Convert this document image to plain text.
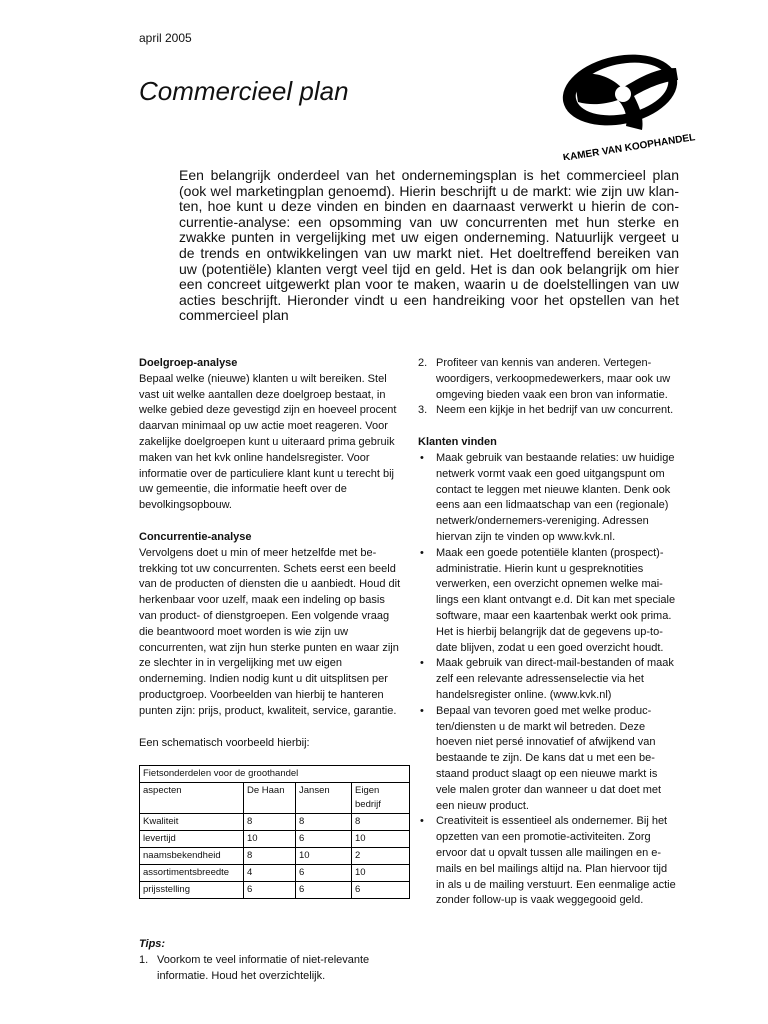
april 2005
Commercieel plan
KAMER VAN KOOPHANDEL

Een belangrijk onderdeel van het ondernemingsplan is het commercieel plan (ook wel marketingplan genoemd). Hierin beschrijft u de markt: wie zijn uw klanten, hoe kunt u deze vinden en binden en daarnaast verwerkt u hierin de concurrentie-analyse: een opsomming van uw concurrenten met hun sterke en zwakke punten in vergelijking met uw eigen onderneming. Natuurlijk vergeet u de trends en ontwikkelingen van uw markt niet. Het doeltreffend bereiken van uw (potentiële) klanten vergt veel tijd en geld. Het is dan ook belangrijk om hier een concreet uitgewerkt plan voor te maken, waarin u de doelstellingen van uw acties beschrijft. Hieronder vindt u een handreiking voor het opstellen van het commercieel plan

Doelgroep-analyse

Bepaal welke (nieuwe) klanten u wilt bereiken. Stel vast uit welke aantallen deze doelgroep bestaat, in welke gebied deze gevestigd zijn en hoeveel procent daarvan minimaal op uw actie moet reageren. Voor zakelijke doelgroepen kunt u uiteraard prima gebruik maken van het kvk online handelsregister. Voor informatie over de particuliere klant kunt u terecht bij uw gemeentie, die informatie heeft over de bevolkingsopbouw.

Concurrentie-analyse

Vervolgens doet u min of meer hetzelfde met betrekking tot uw concurrenten. Schets eerst een beeld van de producten of diensten die u aanbiedt. Houd dit herkenbaar voor uzelf, maak een indeling op basis van product- of dienstgroepen. Een volgende vraag die beantwoord moet worden is wie zijn uw concurrenten, wat zijn hun sterke punten en waar zijn ze slechter in in vergelijking met uw eigen onderneming. Indien nodig kunt u dit uitsplitsen per productgroep. Voorbeelden van hierbij te hanteren punten zijn: prijs, product, kwaliteit, service, garantie.

Een schematisch voorbeeld hierbij:

Fietsonderdelen voor de groothandel			
aspecten	De Haan	Jansen	Eigen bedrijf
Kwaliteit	8	8	8
levertijd	10	6	10
naamsbekendheid	8	10	2
assortimentsbreedte	4	6	10
prijsstelling	6	6	6

Tips:

1. Voorkom te veel informatie of niet-relevante informatie. Houd het overzichtelijk.
2. Profiteer van kennis van anderen. Vertegenwoordigers, verkoopmedewerkers, maar ook uw omgeving bieden vaak een bron van informatie.
3. Neem een kijkje in het bedrijf van uw concurrent.

Klanten vinden

• Maak gebruik van bestaande relaties: uw huidige netwerk vormt vaak een goed uitgangspunt om contact te leggen met nieuwe klanten. Denk ook eens aan een lidmaatschap van een (regionale) netwerk/ondernemers-vereniging. Adressen hiervan zijn te vinden op www.kvk.nl.
• Maak een goede potentiële klanten (prospect)-administratie. Hierin kunt u gespreknotities verwerken, een overzicht opnemen welke mailings een klant ontvangt e.d. Dit kan met speciale software, maar een kaartenbak werkt ook prima. Het is hierbij belangrijk dat de gegevens up-to-date blijven, zodat u een goed overzicht houdt.
• Maak gebruik van direct-mail-bestanden of maak zelf een relevante adressenselectie via het handelsregister online. (www.kvk.nl)
• Bepaal van tevoren goed met welke producten/diensten u de markt wil betreden. Deze hoeven niet persé innovatief of afwijkend van bestaande te zijn. De kans dat u met een bestaand product slaagt op een nieuwe markt is vele malen groter dan wanneer u dat doet met een nieuw product.
• Creativiteit is essentieel als ondernemer. Bij het opzetten van een promotie-activiteiten. Zorg ervoor dat u opvalt tussen alle mailingen en e-mails en bel mailings altijd na. Plan hiervoor tijd in als u de mailing verstuurt. Een eenmalige actie zonder follow-up is vaak weggegooid geld.
